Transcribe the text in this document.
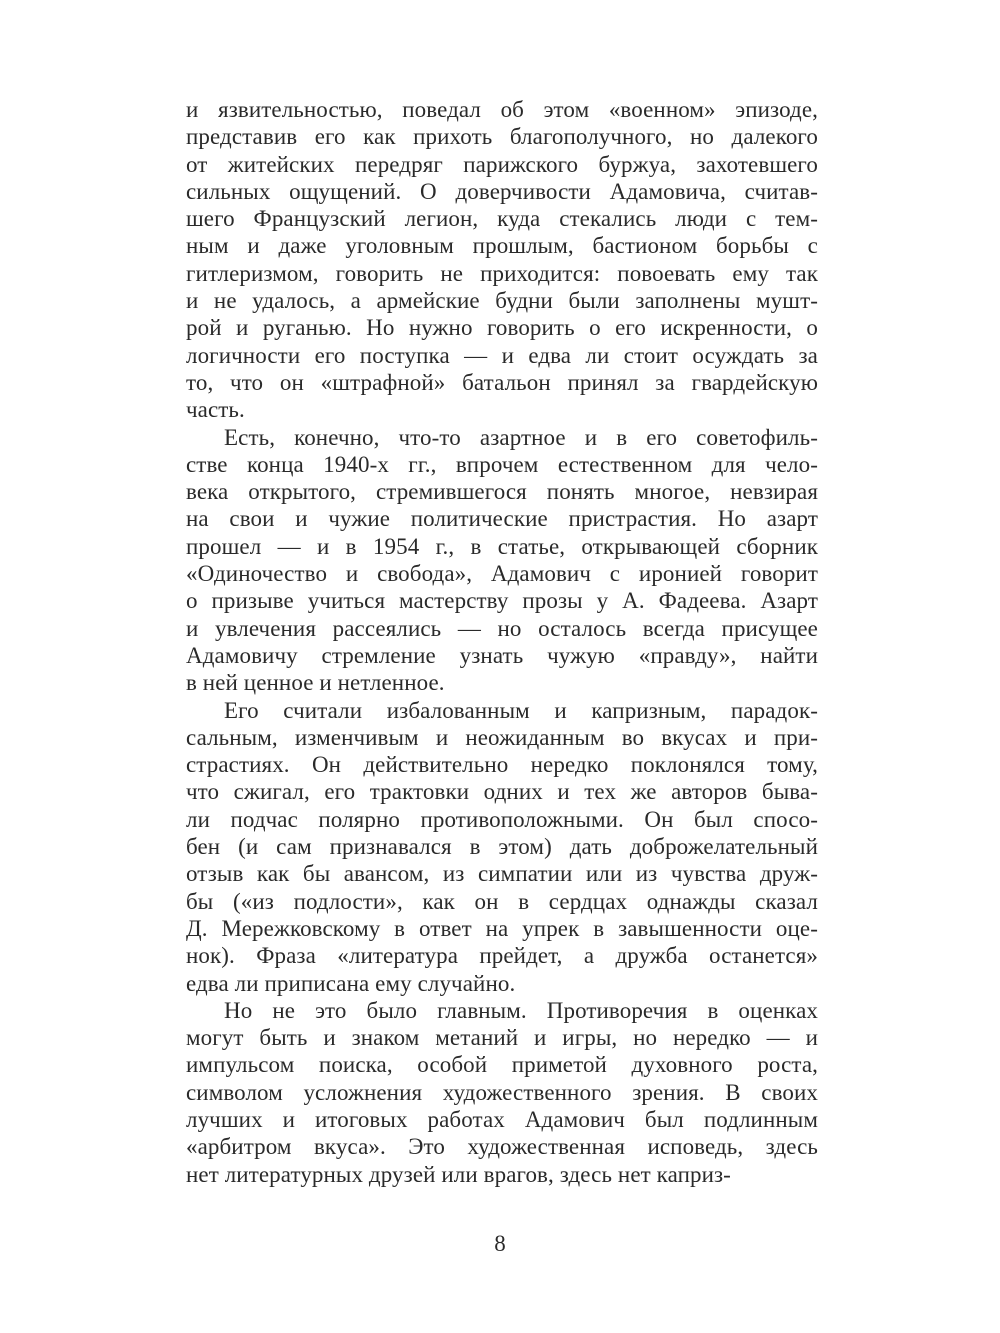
и язвительностью, поведал об этом «военном» эпизоде,
представив его как прихоть благополучного, но далекого
от житейских передряг парижского буржуа, захотевшего
сильных ощущений. О доверчивости Адамовича, считав-
шего Французский легион, куда стекались люди с тем-
ным и даже уголовным прошлым, бастионом борьбы с
гитлеризмом, говорить не приходится: повоевать ему так
и не удалось, а армейские будни были заполнены мушт‑
рой и руганью. Но нужно говорить о его искренности, о
логичности его поступка — и едва ли стоит осуждать за
то, что он «штрафной» батальон принял за гвардейскую
часть.
Есть, конечно, что-то азартное и в его советофиль-
стве конца 1940-х гг., впрочем естественном для чело-
века открытого, стремившегося понять многое, невзирая
на свои и чужие политические пристрастия. Но азарт
прошел — и в 1954 г., в статье, открывающей сборник
«Одиночество и свобода», Адамович с иронией говорит
о призыве учиться мастерству прозы у А. Фадеева. Азарт
и увлечения рассеялись — но осталось всегда присущее
Адамовичу стремление узнать чужую «правду», найти
в ней ценное и нетленное.
Его считали избалованным и капризным, парадок-
сальным, изменчивым и неожиданным во вкусах и при-
страстиях. Он действительно нередко поклонялся тому,
что сжигал, его трактовки одних и тех же авторов быва-
ли подчас полярно противоположными. Он был спосо-
бен (и сам признавался в этом) дать доброжелательный
отзыв как бы авансом, из симпатии или из чувства друж-
бы («из подлости», как он в сердцах однажды сказал
Д. Мережковскому в ответ на упрек в завышенности оце-
нок). Фраза «литература прейдет, а дружба останется»
едва ли приписана ему случайно.
Но не это было главным. Противоречия в оценках
могут быть и знаком метаний и игры, но нередко — и
импульсом поиска, особой приметой духовного роста,
символом усложнения художественного зрения. В своих
лучших и итоговых работах Адамович был подлинным
«арбитром вкуса». Это художественная исповедь, здесь
нет литературных друзей или врагов, здесь нет каприз-
8
